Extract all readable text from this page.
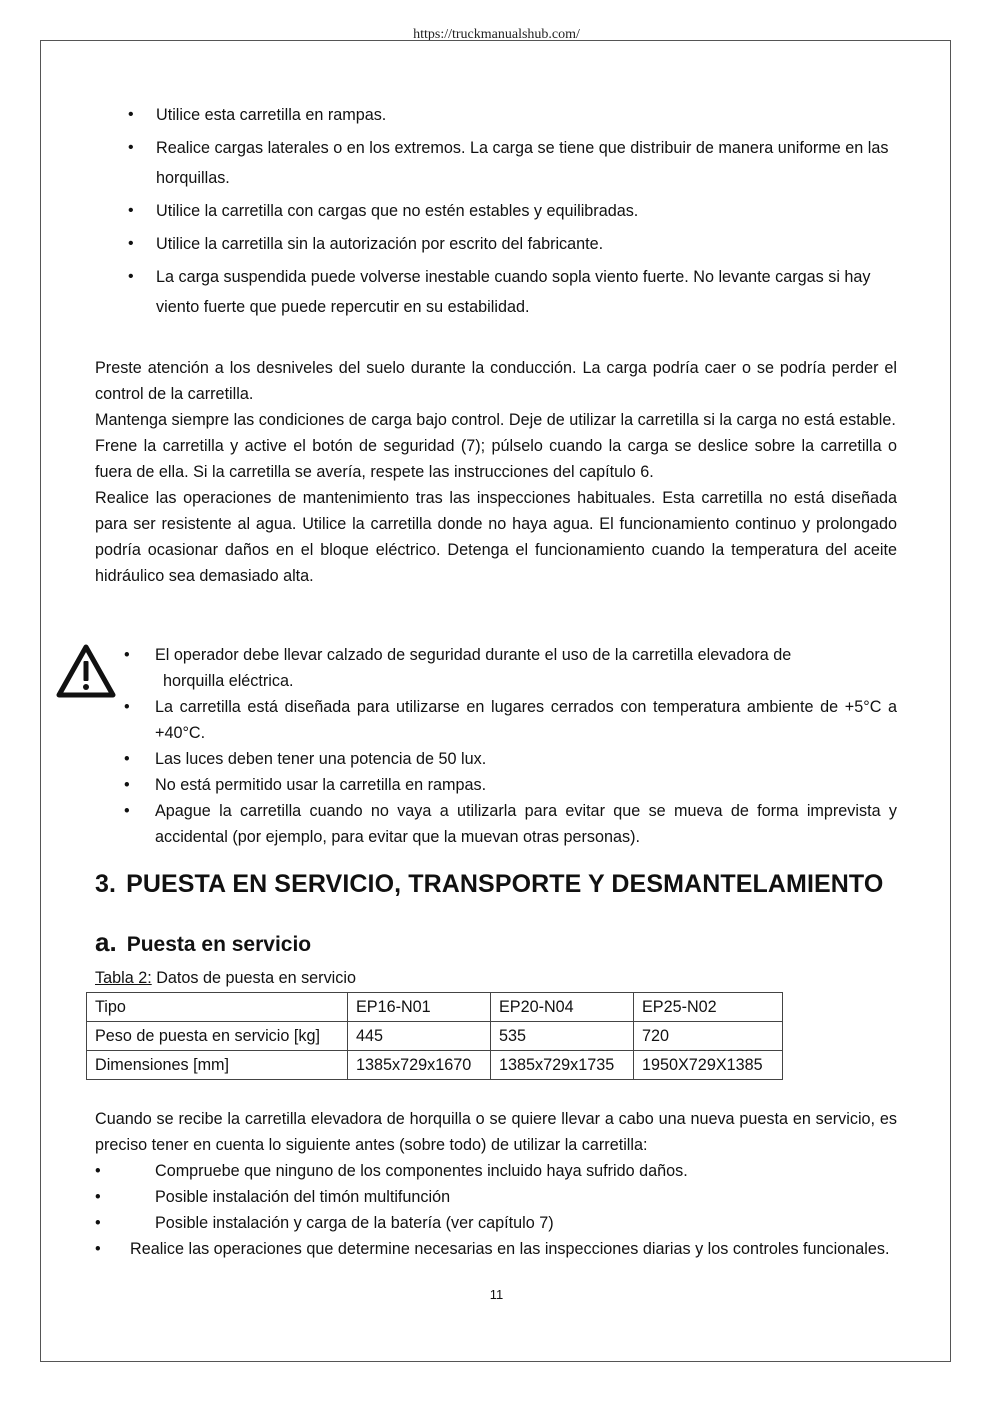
https://truckmanualshub.com/
• Utilice esta carretilla en rampas.
• Realice cargas laterales o en los extremos. La carga se tiene que distribuir de manera uniforme en las horquillas.
• Utilice la carretilla con cargas que no estén estables y equilibradas.
• Utilice la carretilla sin la autorización por escrito del fabricante.
• La carga suspendida puede volverse inestable cuando sopla viento fuerte. No levante cargas si hay viento fuerte que puede repercutir en su estabilidad.

Preste atención a los desniveles del suelo durante la conducción. La carga podría caer o se podría perder el control de la carretilla.

Mantenga siempre las condiciones de carga bajo control. Deje de utilizar la carretilla si la carga no está estable.

Frene la carretilla y active el botón de seguridad (7); púlselo cuando la carga se deslice sobre la carretilla o fuera de ella. Si la carretilla se avería, respete las instrucciones del capítulo 6.

Realice las operaciones de mantenimiento tras las inspecciones habituales. Esta carretilla no está diseñada para ser resistente al agua. Utilice la carretilla donde no haya agua. El funcionamiento continuo y prolongado podría ocasionar daños en el bloque eléctrico. Detenga el funcionamiento cuando la temperatura del aceite hidráulico sea demasiado alta.

• El operador debe llevar calzado de seguridad durante el uso de la carretilla elevadora de
horquilla eléctrica.
• La carretilla está diseñada para utilizarse en lugares cerrados con temperatura ambiente de +5°C a +40°C.
• Las luces deben tener una potencia de 50 lux.
• No está permitido usar la carretilla en rampas.
• Apague la carretilla cuando no vaya a utilizarla para evitar que se mueva de forma imprevista y accidental (por ejemplo, para evitar que la muevan otras personas).
3. PUESTA EN SERVICIO, TRANSPORTE Y DESMANTELAMIENTO
a. Puesta en servicio
Tabla 2: Datos de puesta en servicio
Tipo	EP16-N01	EP20-N04	EP25-N02
Peso de puesta en servicio [kg]	445	535	720
Dimensiones [mm]	1385x729x1670	1385x729x1735	1950X729X1385

Cuando se recibe la carretilla elevadora de horquilla o se quiere llevar a cabo una nueva puesta en servicio, es preciso tener en cuenta lo siguiente antes (sobre todo) de utilizar la carretilla:

• Compruebe que ninguno de los componentes incluido haya sufrido daños.
• Posible instalación del timón multifunción
• Posible instalación y carga de la batería (ver capítulo 7)
• Realice las operaciones que determine necesarias en las inspecciones diarias y los controles funcionales.
11
